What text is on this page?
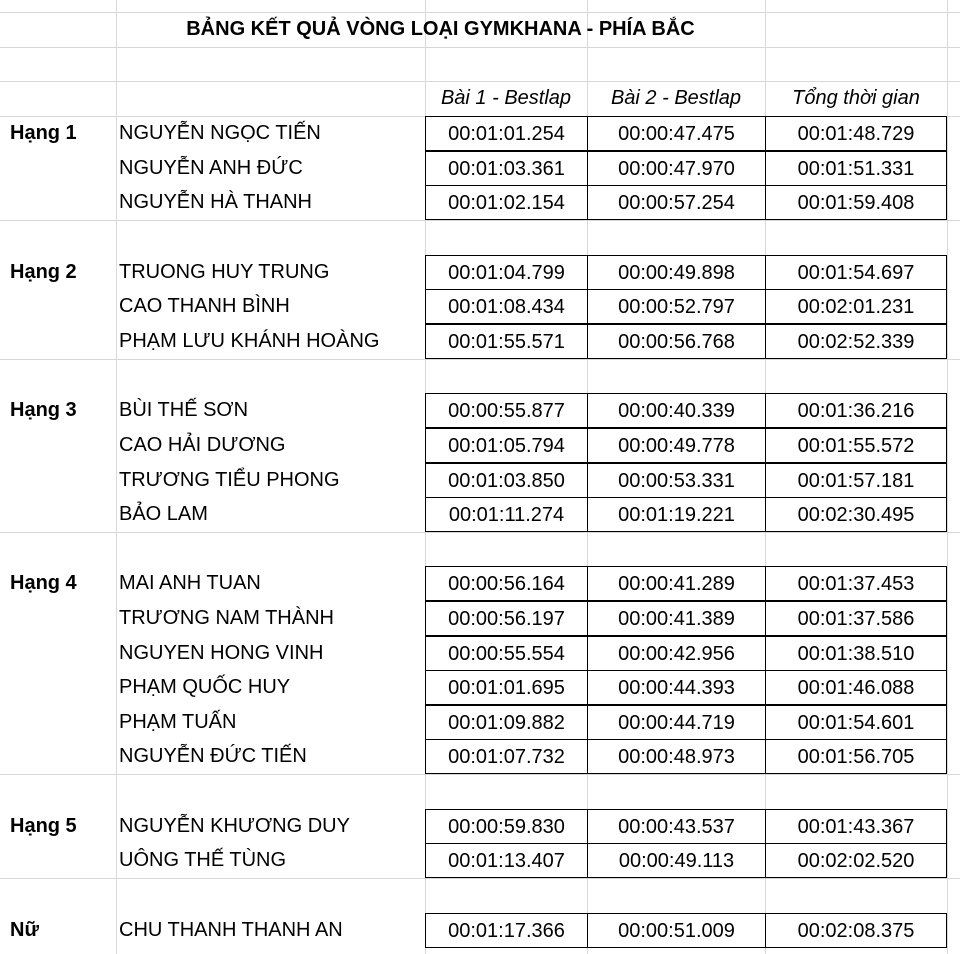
BẢNG KẾT QUẢ VÒNG LOẠI GYMKHANA - PHÍA BẮC
Bài 1 - Bestlap	Bài 2 - Bestlap	Tổng thời gian
Hạng 1	NGUYỄN NGỌC TIẾN	00:01:01.254	00:00:47.475	00:01:48.729
NGUYỄN ANH ĐỨC	00:01:03.361	00:00:47.970	00:01:51.331
NGUYỄN HÀ THANH	00:01:02.154	00:00:57.254	00:01:59.408
Hạng 2	TRUONG HUY TRUNG	00:01:04.799	00:00:49.898	00:01:54.697
CAO THANH BÌNH	00:01:08.434	00:00:52.797	00:02:01.231
PHẠM LƯU KHÁNH HOÀNG	00:01:55.571	00:00:56.768	00:02:52.339
Hạng 3	BÙI THẾ SƠN	00:00:55.877	00:00:40.339	00:01:36.216
CAO HẢI DƯƠNG	00:01:05.794	00:00:49.778	00:01:55.572
TRƯƠNG TIỂU PHONG	00:01:03.850	00:00:53.331	00:01:57.181
BẢO LAM	00:01:11.274	00:01:19.221	00:02:30.495
Hạng 4	MAI ANH TUAN	00:00:56.164	00:00:41.289	00:01:37.453
TRƯƠNG NAM THÀNH	00:00:56.197	00:00:41.389	00:01:37.586
NGUYEN HONG VINH	00:00:55.554	00:00:42.956	00:01:38.510
PHẠM QUỐC HUY	00:01:01.695	00:00:44.393	00:01:46.088
PHẠM TUẤN	00:01:09.882	00:00:44.719	00:01:54.601
NGUYỄN ĐỨC TIẾN	00:01:07.732	00:00:48.973	00:01:56.705
Hạng 5	NGUYỄN KHƯƠNG DUY	00:00:59.830	00:00:43.537	00:01:43.367
UÔNG THẾ TÙNG	00:01:13.407	00:00:49.113	00:02:02.520
Nữ	CHU THANH THANH AN	00:01:17.366	00:00:51.009	00:02:08.375
